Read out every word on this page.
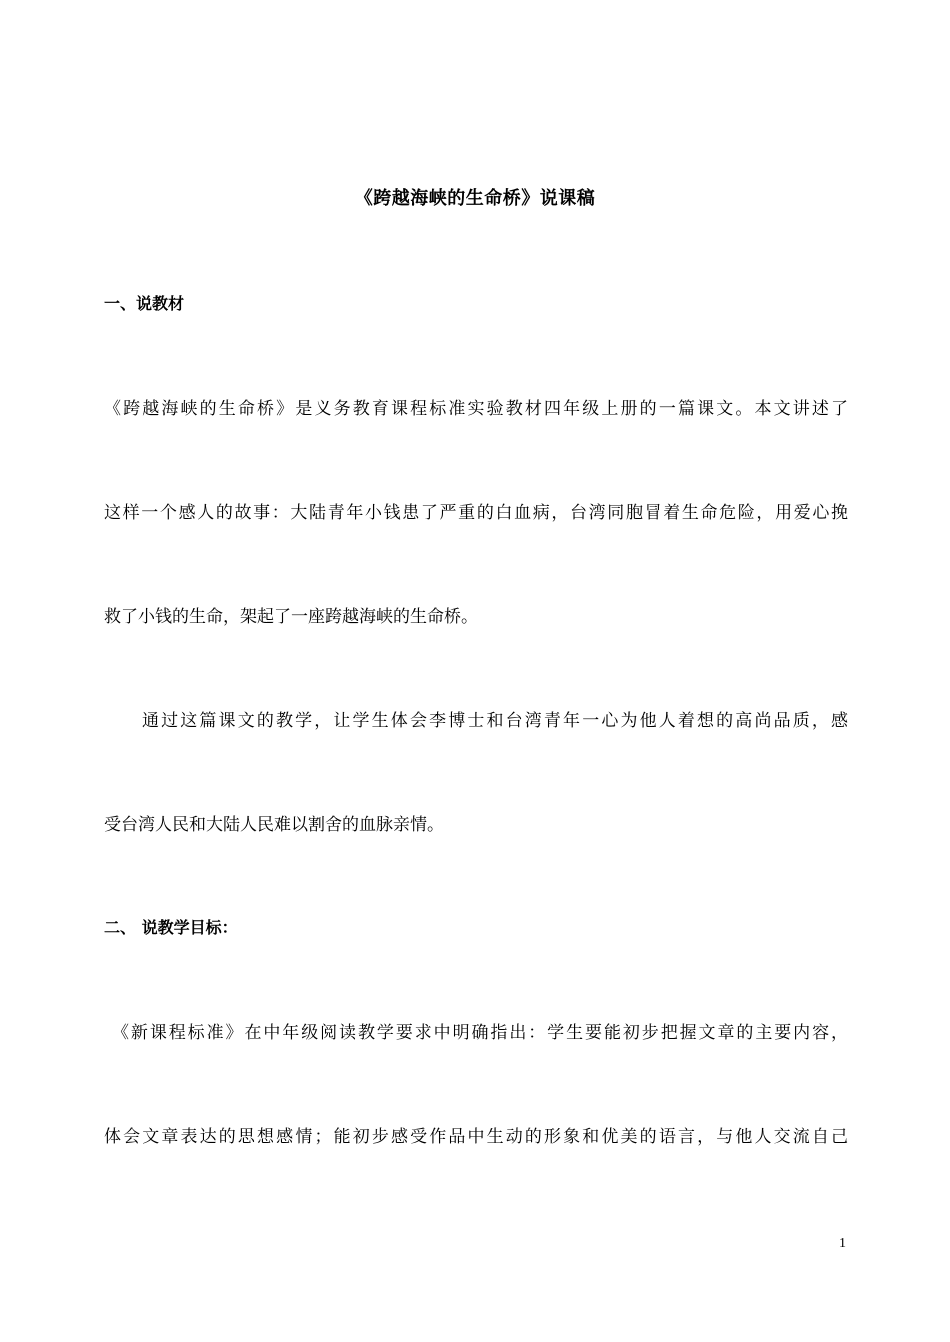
《跨越海峡的生命桥》说课稿
一、说教材
《跨越海峡的生命桥》是义务教育课程标准实验教材四年级上册的一篇课文。本文讲述了
这样一个感人的故事：大陆青年小钱患了严重的白血病，台湾同胞冒着生命危险，用爱心挽
救了小钱的生命，架起了一座跨越海峡的生命桥。
通过这篇课文的教学，让学生体会李博士和台湾青年一心为他人着想的高尚品质，感
受台湾人民和大陆人民难以割舍的血脉亲情。
二、 说教学目标：
《新课程标准》在中年级阅读教学要求中明确指出：学生要能初步把握文章的主要内容，
体会文章表达的思想感情；能初步感受作品中生动的形象和优美的语言，与他人交流自己
1
